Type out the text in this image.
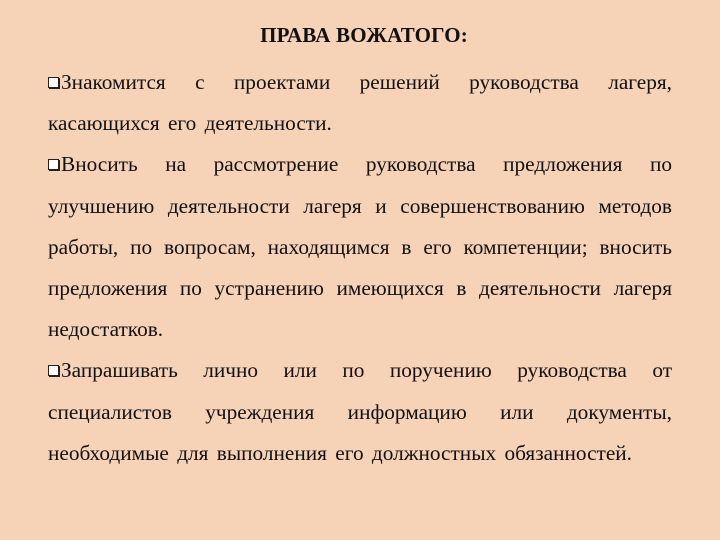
ПРАВА ВОЖАТОГО:

Знакомится с проектами решений руководства лагеря, касающихся его деятельности.

Вносить на рассмотрение руководства предложения по улучшению деятельности лагеря и совершенствованию методов работы, по вопросам, находящимся в его компетенции; вносить предложения по устранению имеющихся в деятельности лагеря недостатков.

Запрашивать лично или по поручению руководства от специалистов учреждения информацию или документы, необходимые для выполнения его должностных обязанностей.
